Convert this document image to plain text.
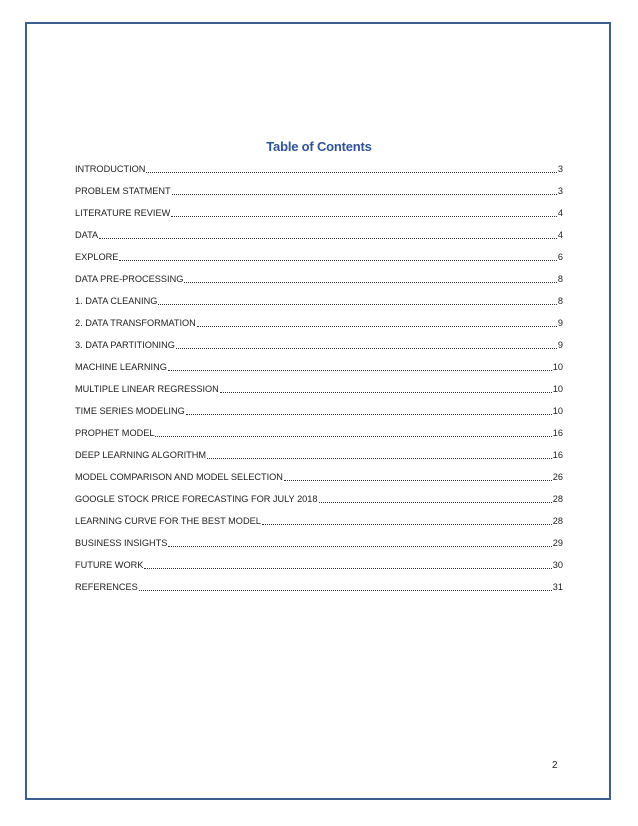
Table of Contents
INTRODUCTION	3
PROBLEM STATMENT	3
LITERATURE REVIEW	4
DATA	4
EXPLORE	6
DATA PRE-PROCESSING	8
1. DATA CLEANING	8
2. DATA TRANSFORMATION	9
3. DATA PARTITIONING	9
MACHINE LEARNING	10
MULTIPLE LINEAR REGRESSION	10
TIME SERIES MODELING	10
PROPHET MODEL	16
DEEP LEARNING ALGORITHM	16
MODEL COMPARISON AND MODEL SELECTION	26
GOOGLE STOCK PRICE FORECASTING FOR JULY 2018	28
LEARNING CURVE FOR THE BEST MODEL	28
BUSINESS INSIGHTS	29
FUTURE WORK	30
REFERENCES	31
2
